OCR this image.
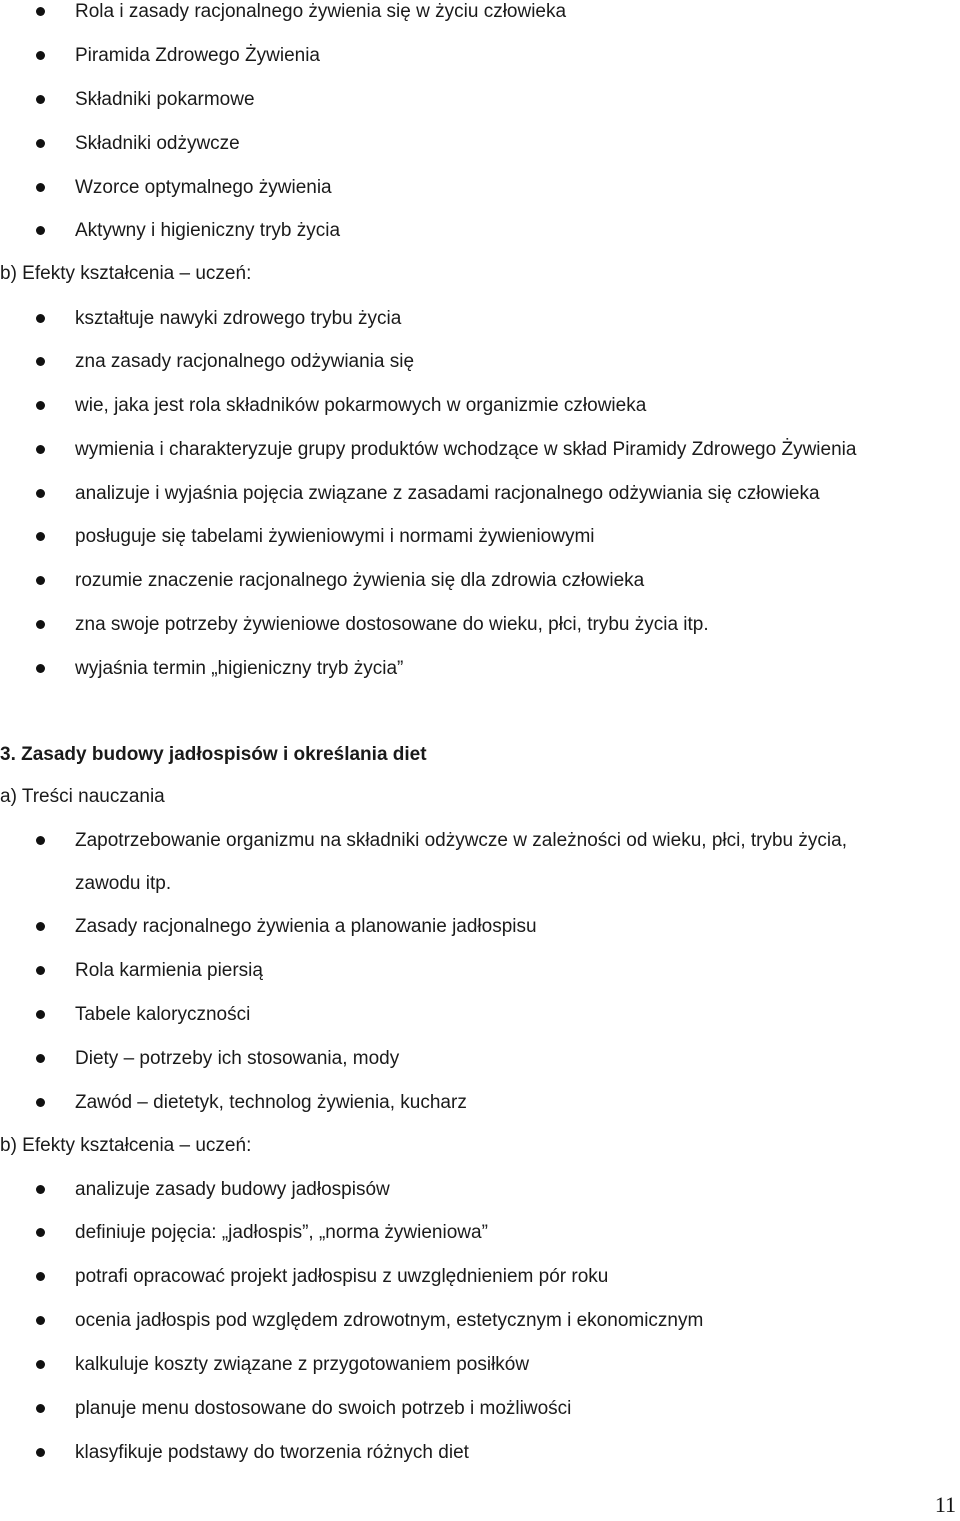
Rola i zasady racjonalnego żywienia się w życiu człowieka
Piramida Zdrowego Żywienia
Składniki pokarmowe
Składniki odżywcze
Wzorce optymalnego żywienia
Aktywny i higieniczny tryb życia
b) Efekty kształcenia – uczeń:
kształtuje nawyki zdrowego trybu życia
zna zasady racjonalnego odżywiania się
wie, jaka jest rola składników pokarmowych w organizmie człowieka
wymienia i charakteryzuje grupy produktów wchodzące w skład Piramidy Zdrowego Żywienia
analizuje i wyjaśnia pojęcia związane z zasadami racjonalnego odżywiania się człowieka
posługuje się tabelami żywieniowymi i normami żywieniowymi
rozumie znaczenie racjonalnego żywienia się dla zdrowia człowieka
zna swoje potrzeby żywieniowe dostosowane do wieku, płci, trybu życia itp.
wyjaśnia termin „higieniczny tryb życia”
3. Zasady budowy jadłospisów i określania diet
a) Treści nauczania
Zapotrzebowanie organizmu na składniki odżywcze w zależności od wieku, płci, trybu życia,
zawodu itp.
Zasady racjonalnego żywienia a planowanie jadłospisu
Rola karmienia piersią
Tabele kaloryczności
Diety – potrzeby ich stosowania, mody
Zawód – dietetyk, technolog żywienia, kucharz
b) Efekty kształcenia – uczeń:
analizuje zasady budowy jadłospisów
definiuje pojęcia: „jadłospis”, „norma żywieniowa”
potrafi opracować projekt jadłospisu z uwzględnieniem pór roku
ocenia jadłospis pod względem zdrowotnym, estetycznym i ekonomicznym
kalkuluje koszty związane z przygotowaniem posiłków
planuje menu dostosowane do swoich potrzeb i możliwości
klasyfikuje podstawy do tworzenia różnych diet
11
